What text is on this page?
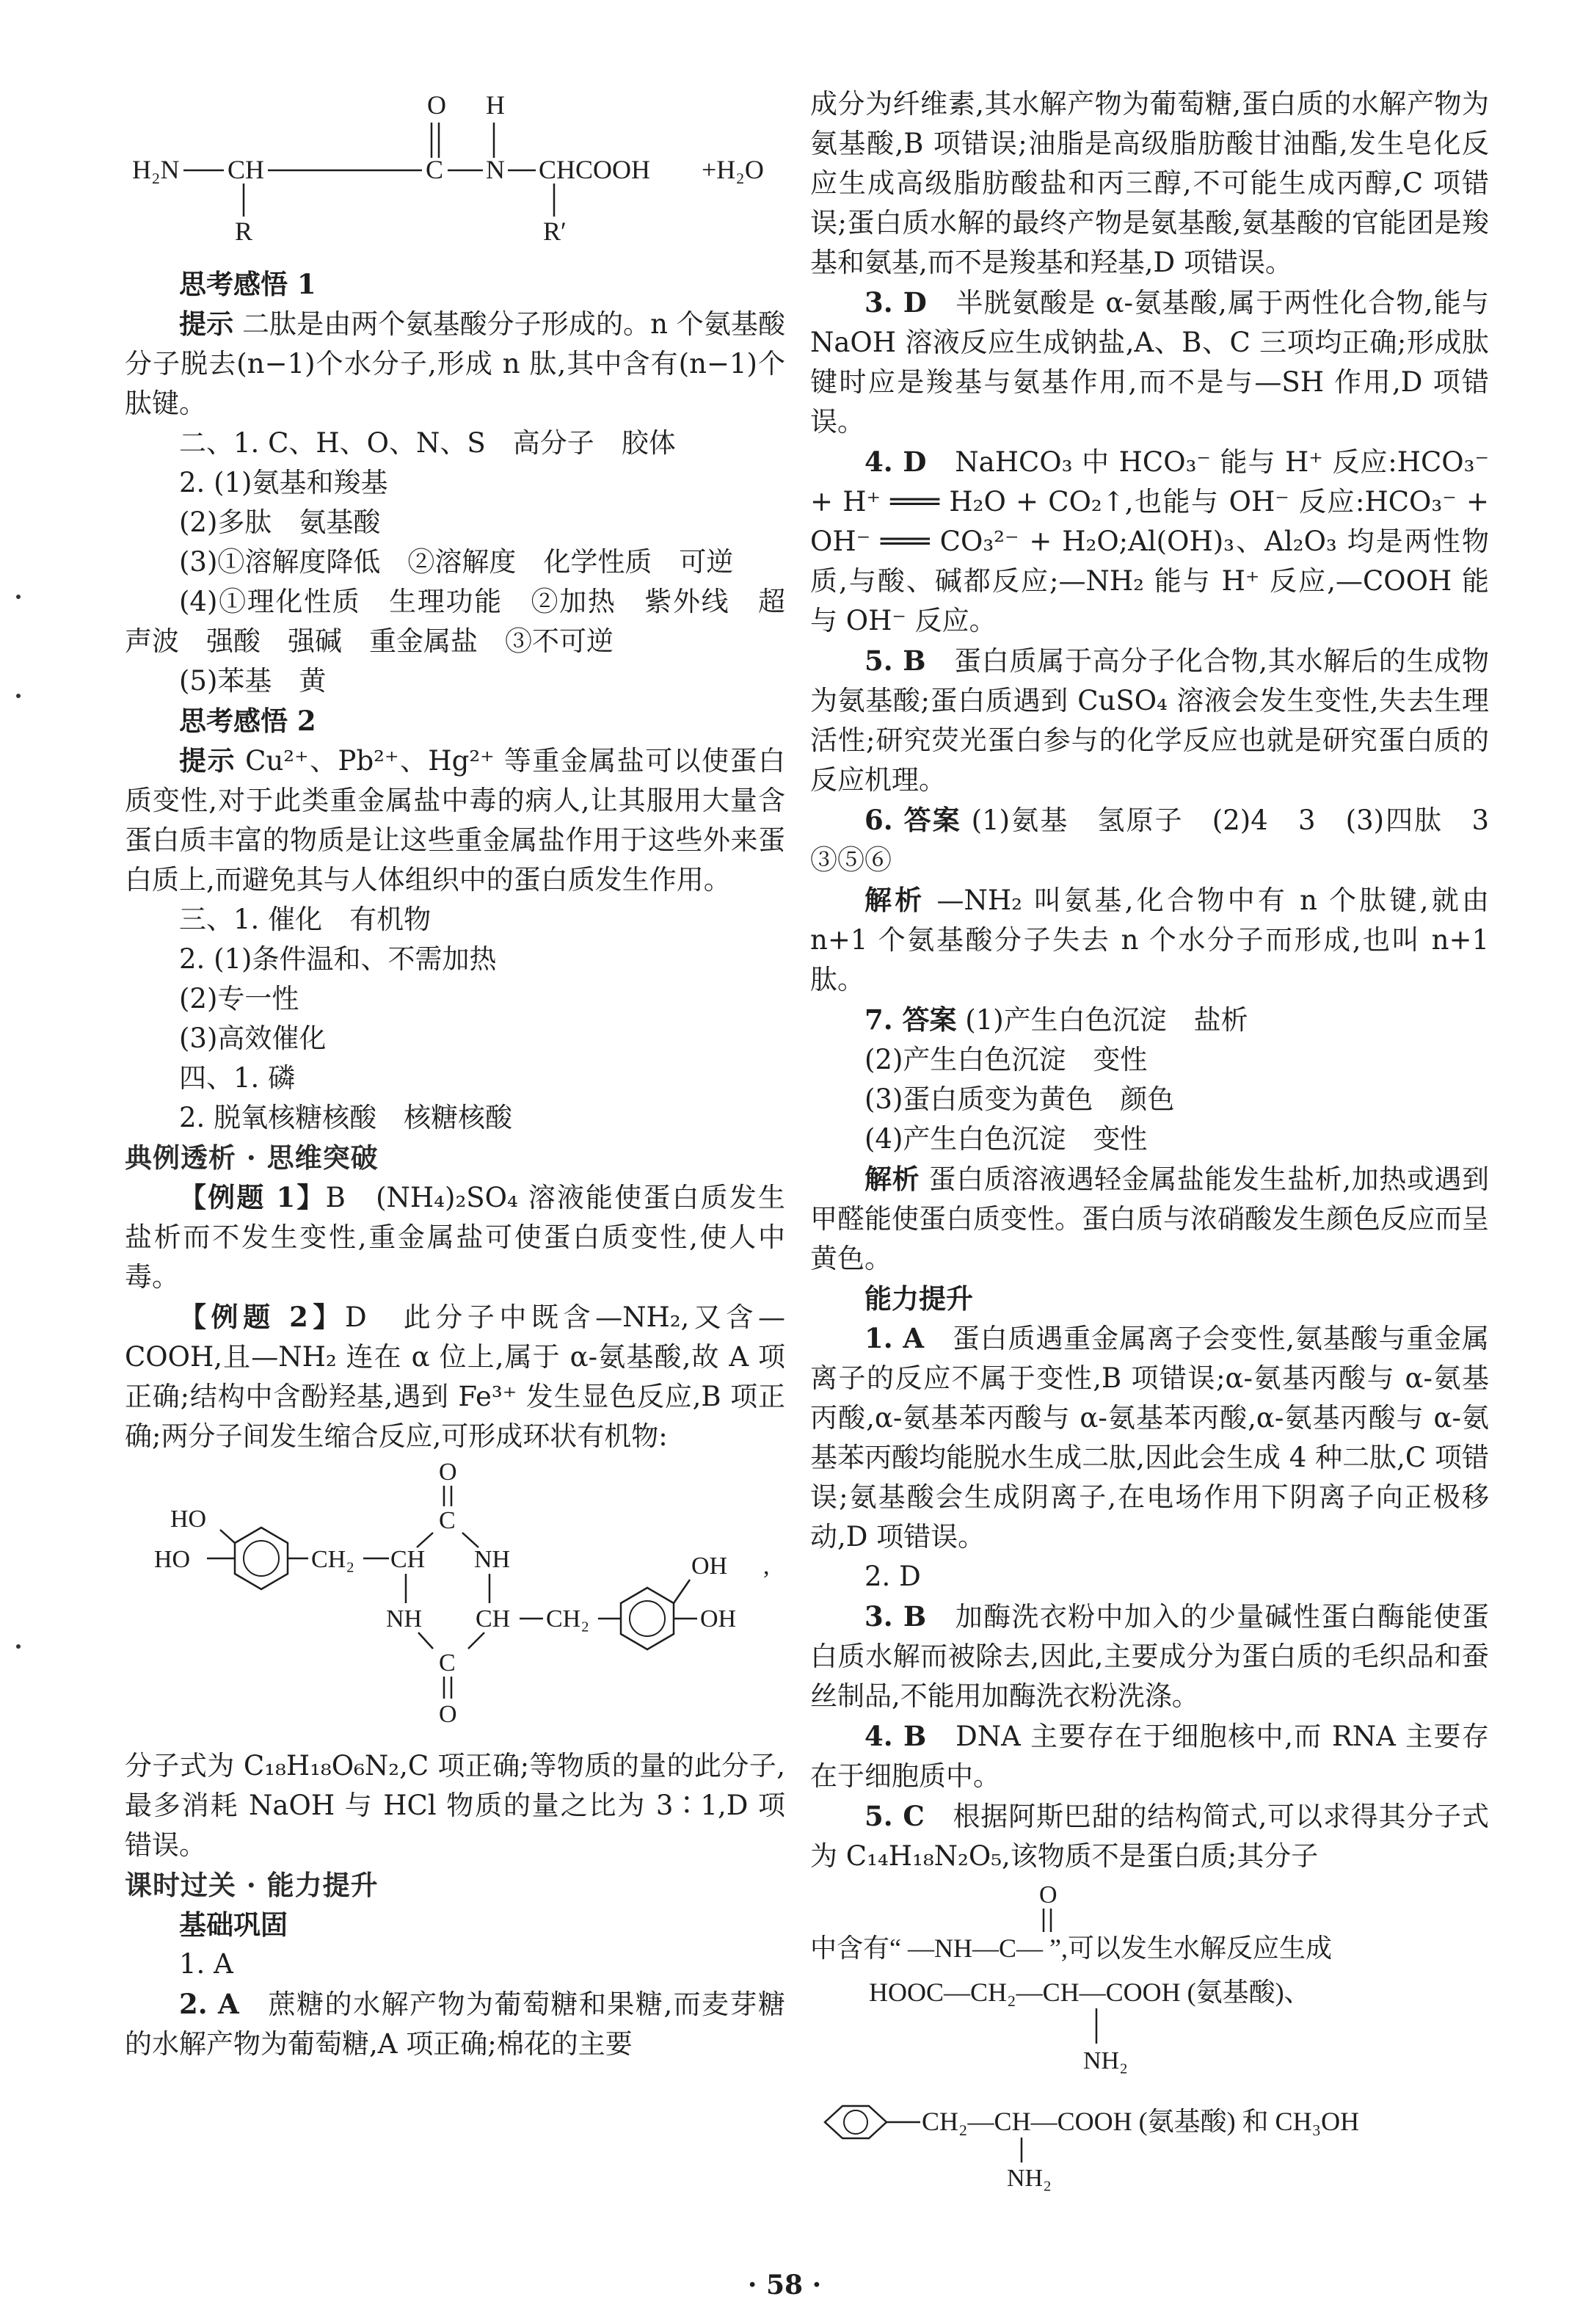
O H
H₂N CH	C N CHCOOH +H₂O
R	R′

思考感悟 1

提示 二肽是由两个氨基酸分子形成的。n 个氨基酸分子脱去(n−1)个水分子,形成 n 肽,其中含有(n−1)个肽键。

二、1. C、H、O、N、S　高分子　胶体

2. (1)氨基和羧基

(2)多肽　氨基酸

(3)①溶解度降低　②溶解度　化学性质　可逆

(4)①理化性质　生理功能　②加热　紫外线　超声波　强酸　强碱　重金属盐　③不可逆

(5)苯基　黄

思考感悟 2

提示 Cu²⁺、Pb²⁺、Hg²⁺ 等重金属盐可以使蛋白质变性,对于此类重金属盐中毒的病人,让其服用大量含蛋白质丰富的物质是让这些重金属盐作用于这些外来蛋白质上,而避免其与人体组织中的蛋白质发生作用。

三、1. 催化　有机物

2. (1)条件温和、不需加热

(2)专一性

(3)高效催化

四、1. 磷

2. 脱氧核糖核酸　核糖核酸

典例透析 · 思维突破

【例题 1】B　(NH₄)₂SO₄ 溶液能使蛋白质发生盐析而不发生变性,重金属盐可使蛋白质变性,使人中毒。

【例题 2】D　此分子中既含—NH₂,又含—COOH,且—NH₂ 连在 α 位上,属于 α-氨基酸,故 A 项正确;结构中含酚羟基,遇到 Fe³⁺ 发生显色反应,B 项正确;两分子间发生缩合反应,可形成环状有机物:

HO
HO	CH₂ CH
O
C
NH
NH CH
C
O
CH₂
OH
OH
,

分子式为 C₁₈H₁₈O₆N₂,C 项正确;等物质的量的此分子,最多消耗 NaOH 与 HCl 物质的量之比为 3∶1,D 项错误。

课时过关 · 能力提升

基础巩固

1. A

2. A　蔗糖的水解产物为葡萄糖和果糖,而麦芽糖的水解产物为葡萄糖,A 项正确;棉花的主要

成分为纤维素,其水解产物为葡萄糖,蛋白质的水解产物为氨基酸,B 项错误;油脂是高级脂肪酸甘油酯,发生皂化反应生成高级脂肪酸盐和丙三醇,不可能生成丙醇,C 项错误;蛋白质水解的最终产物是氨基酸,氨基酸的官能团是羧基和氨基,而不是羧基和羟基,D 项错误。

3. D　半胱氨酸是 α-氨基酸,属于两性化合物,能与 NaOH 溶液反应生成钠盐,A、B、C 三项均正确;形成肽键时应是羧基与氨基作用,而不是与—SH 作用,D 项错误。

4. D　NaHCO₃ 中 HCO₃⁻ 能与 H⁺ 反应:HCO₃⁻ + H⁺ ═══ H₂O + CO₂↑,也能与 OH⁻ 反应:HCO₃⁻ + OH⁻ ═══ CO₃²⁻ + H₂O;Al(OH)₃、Al₂O₃ 均是两性物质,与酸、碱都反应;—NH₂ 能与 H⁺ 反应,—COOH 能与 OH⁻ 反应。

5. B　蛋白质属于高分子化合物,其水解后的生成物为氨基酸;蛋白质遇到 CuSO₄ 溶液会发生变性,失去生理活性;研究荧光蛋白参与的化学反应也就是研究蛋白质的反应机理。

6. 答案 (1)氨基　氢原子　(2)4　3　(3)四肽　3　③⑤⑥

解析 —NH₂ 叫氨基,化合物中有 n 个肽键,就由 n+1 个氨基酸分子失去 n 个水分子而形成,也叫 n+1 肽。

7. 答案 (1)产生白色沉淀　盐析

(2)产生白色沉淀　变性

(3)蛋白质变为黄色　颜色

(4)产生白色沉淀　变性

解析 蛋白质溶液遇轻金属盐能发生盐析,加热或遇到甲醛能使蛋白质变性。蛋白质与浓硝酸发生颜色反应而呈黄色。

能力提升

1. A　蛋白质遇重金属离子会变性,氨基酸与重金属离子的反应不属于变性,B 项错误;α-氨基丙酸与 α-氨基丙酸,α-氨基苯丙酸与 α-氨基苯丙酸,α-氨基丙酸与 α-氨基苯丙酸均能脱水生成二肽,因此会生成 4 种二肽,C 项错误;氨基酸会生成阴离子,在电场作用下阴离子向正极移动,D 项错误。

2. D

3. B　加酶洗衣粉中加入的少量碱性蛋白酶能使蛋白质水解而被除去,因此,主要成分为蛋白质的毛织品和蚕丝制品,不能用加酶洗衣粉洗涤。

4. B　DNA 主要存在于细胞核中,而 RNA 主要存在于细胞质中。

5. C　根据阿斯巴甜的结构简式,可以求得其分子式为 C₁₄H₁₈N₂O₅,该物质不是蛋白质;其分子

O
中含有“ —NH—C— ”,可以发生水解反应生成
HOOC—CH₂—CH—COOH (氨基酸)、
NH₂
CH₂—CH—COOH (氨基酸) 和 CH₃OH
NH₂
· 58 ·
